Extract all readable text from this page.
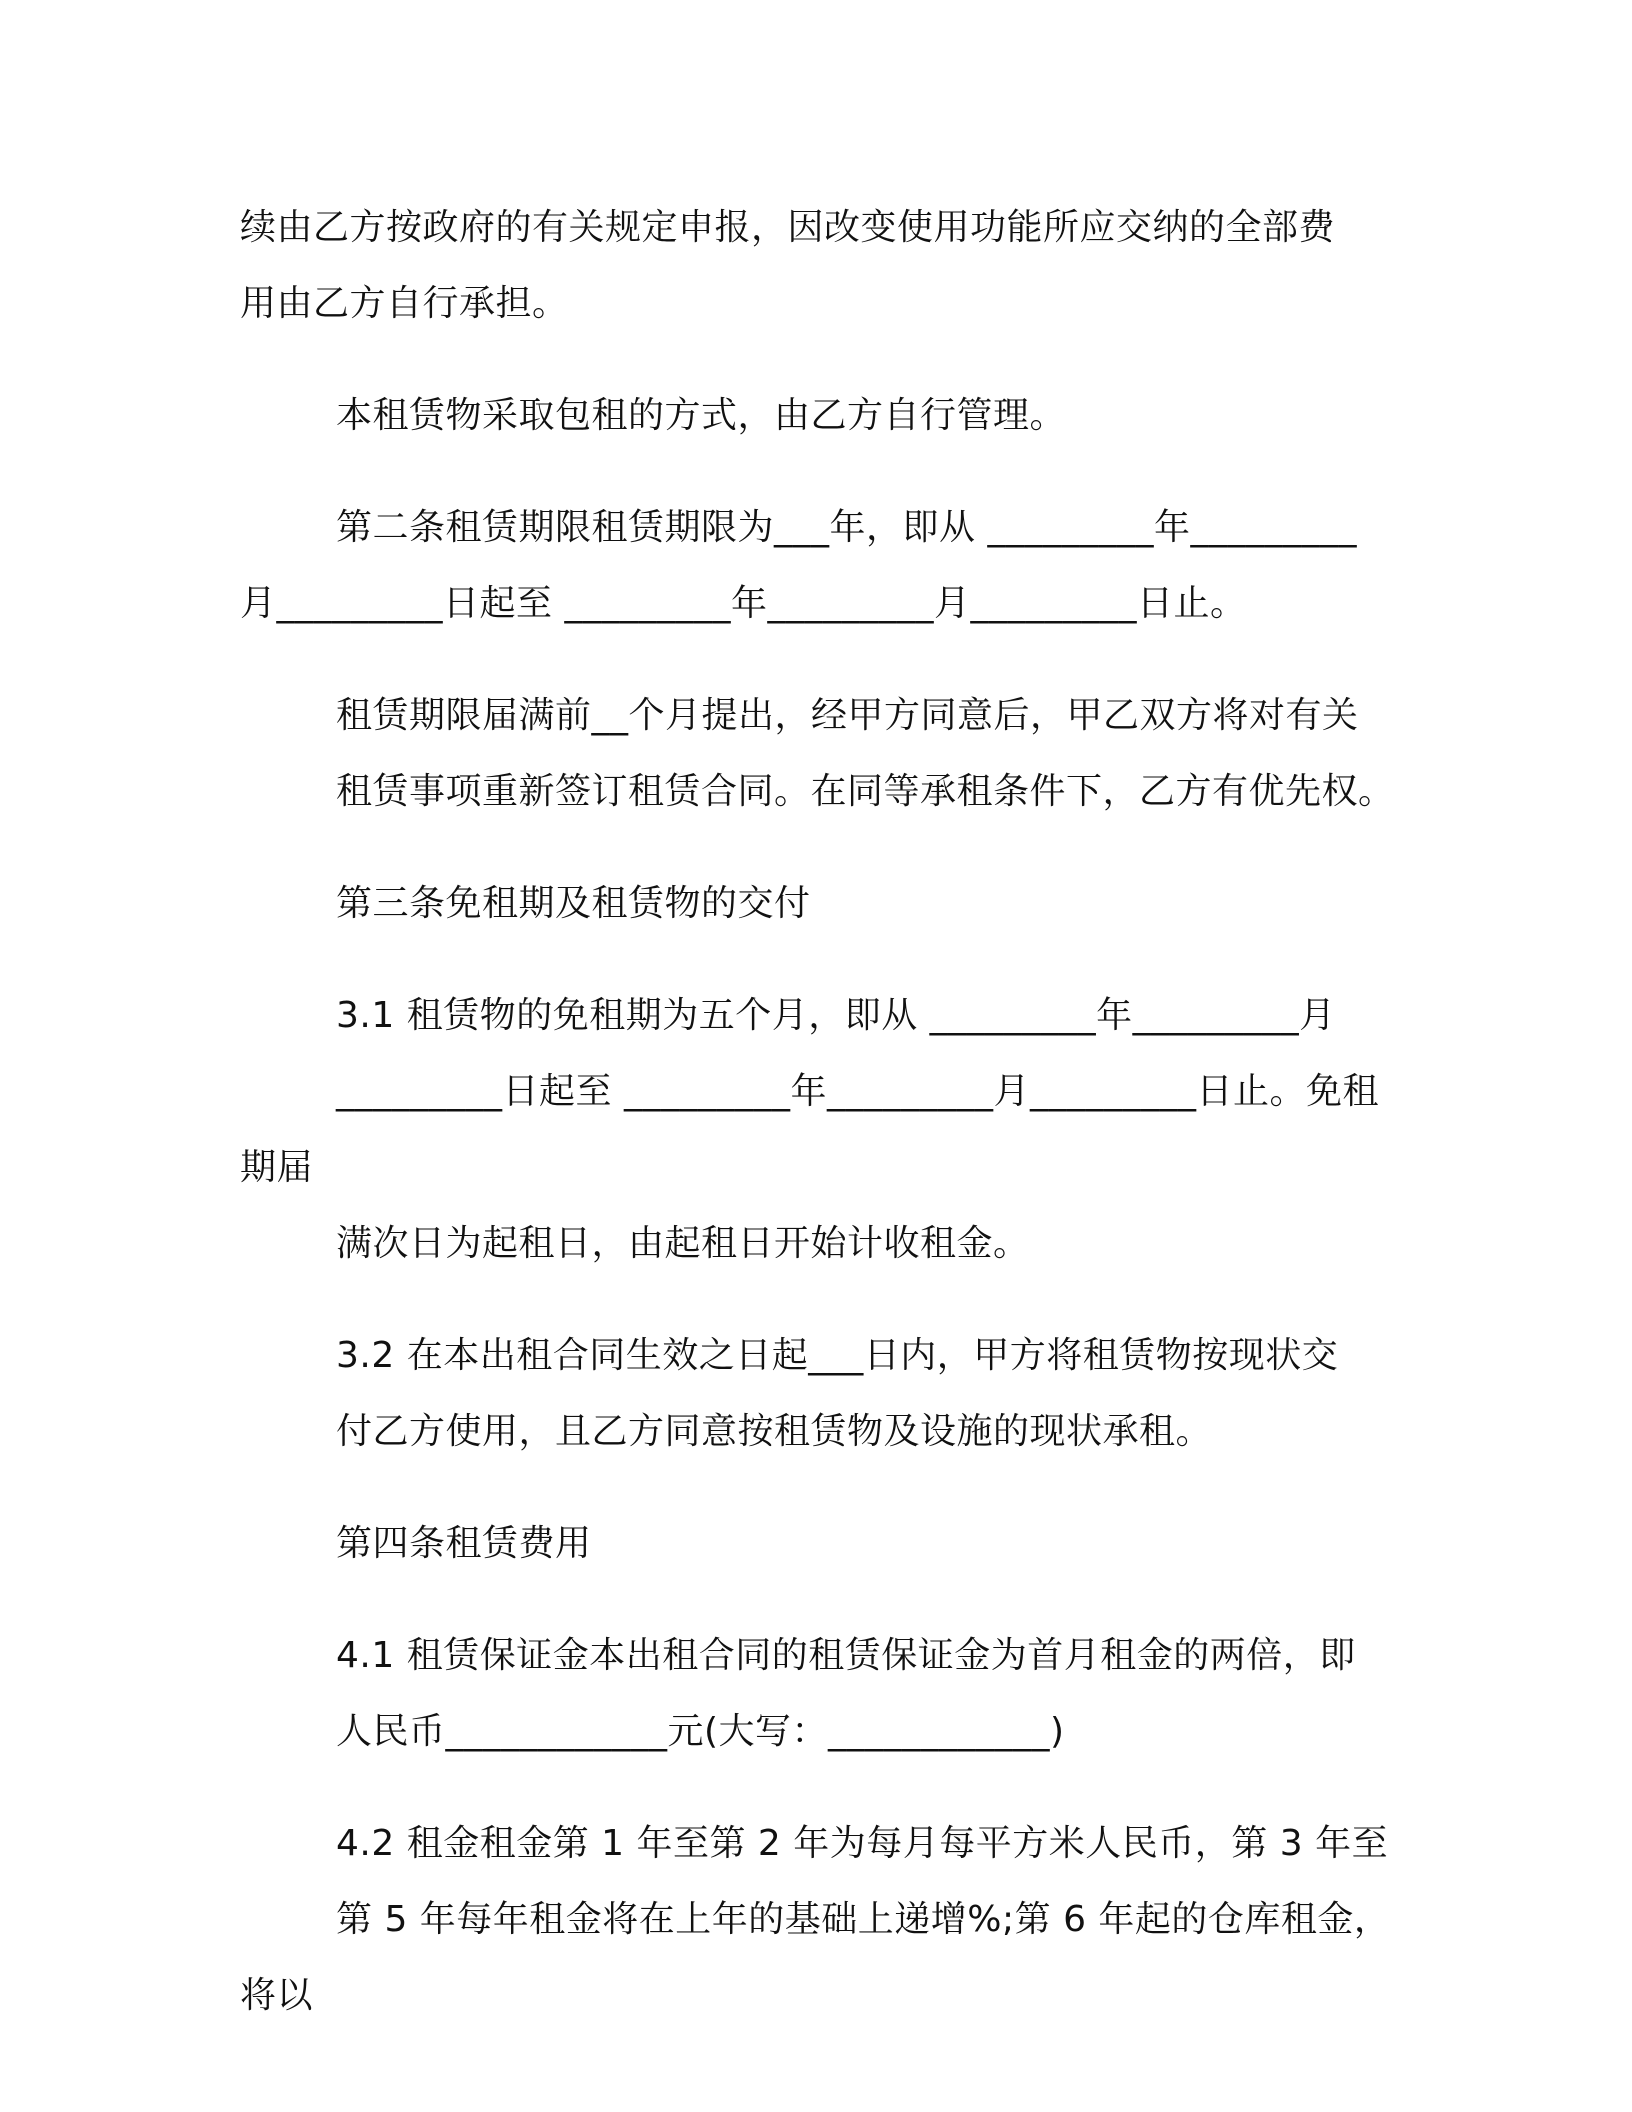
续由乙方按政府的有关规定申报，因改变使用功能所应交纳的全部费
用由乙方自行承担。

本租赁物采取包租的方式，由乙方自行管理。

第二条租赁期限租赁期限为___年，即从 _________年_________
月_________日起至 _________年_________月_________日止。

租赁期限届满前__个月提出，经甲方同意后，甲乙双方将对有关
租赁事项重新签订租赁合同。在同等承租条件下，乙方有优先权。

第三条免租期及租赁物的交付

3.1 租赁物的免租期为五个月，即从 _________年_________月
_________日起至 _________年_________月_________日止。免租期届
满次日为起租日，由起租日开始计收租金。

3.2 在本出租合同生效之日起___日内，甲方将租赁物按现状交
付乙方使用，且乙方同意按租赁物及设施的现状承租。

第四条租赁费用

4.1 租赁保证金本出租合同的租赁保证金为首月租金的两倍，即
人民币____________元(大写：____________)

4.2 租金租金第 1 年至第 2 年为每月每平方米人民币，第 3 年至
第 5 年每年租金将在上年的基础上递增%;第 6 年起的仓库租金，将以
